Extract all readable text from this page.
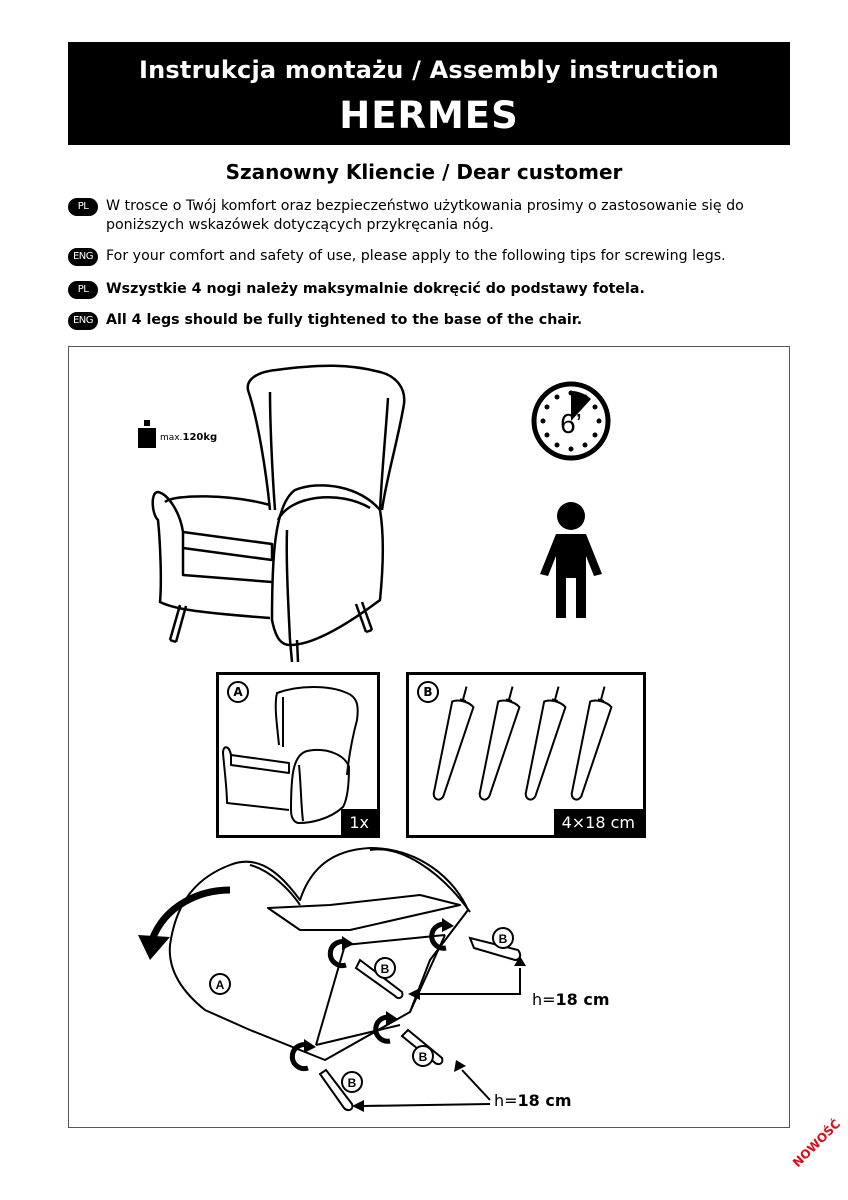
Instrukcja montażu / Assembly instruction
HERMES
Szanowny Kliencie / Dear customer
PL	W trosce o Twój komfort oraz bezpieczeństwo użytkowania prosimy o zastosowanie się do poniższych wskazówek dotyczących przykręcania nóg.
ENG For your comfort and safety of use, please apply to the following tips for screwing legs.
PL	Wszystkie 4 nogi należy maksymalnie dokręcić do podstawy fotela.
ENG All 4 legs should be fully tightened to the base of the chair.
max.120kg	6’
A
1x
B
4×18 cm
A
B
B
B
B
h=18 cm
h=18 cm
NOWOŚĆ
